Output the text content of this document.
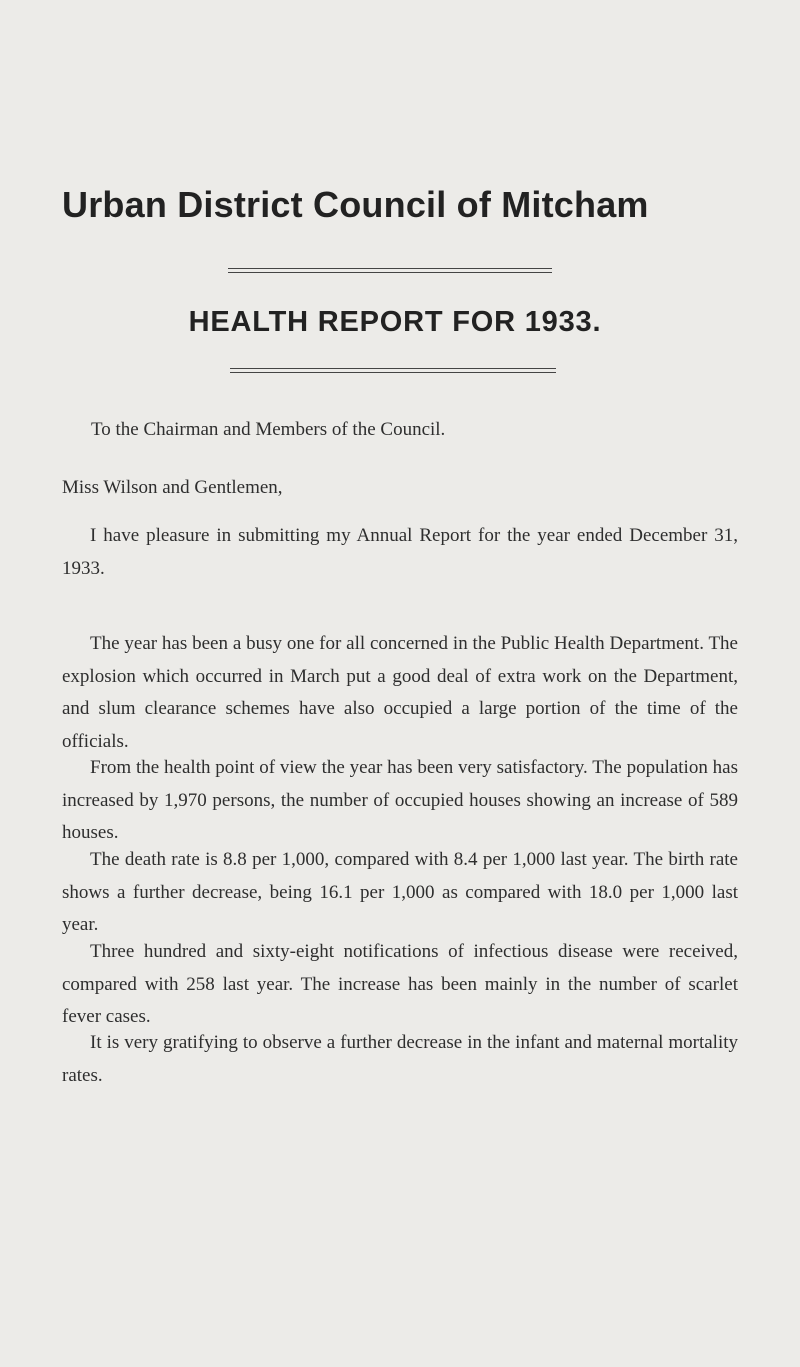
Urban District Council of Mitcham
HEALTH REPORT FOR 1933.
To the Chairman and Members of the Council.
Miss Wilson and Gentlemen,
I have pleasure in submitting my Annual Report for the year ended December 31, 1933.
The year has been a busy one for all concerned in the Public Health Department. The explosion which occurred in March put a good deal of extra work on the Department, and slum clearance schemes have also occupied a large portion of the time of the officials.
From the health point of view the year has been very satisfactory. The population has increased by 1,970 persons, the number of occupied houses showing an increase of 589 houses.
The death rate is 8.8 per 1,000, compared with 8.4 per 1,000 last year. The birth rate shows a further decrease, being 16.1 per 1,000 as compared with 18.0 per 1,000 last year.
Three hundred and sixty-eight notifications of infectious disease were received, compared with 258 last year. The increase has been mainly in the number of scarlet fever cases.
It is very gratifying to observe a further decrease in the infant and maternal mortality rates.
